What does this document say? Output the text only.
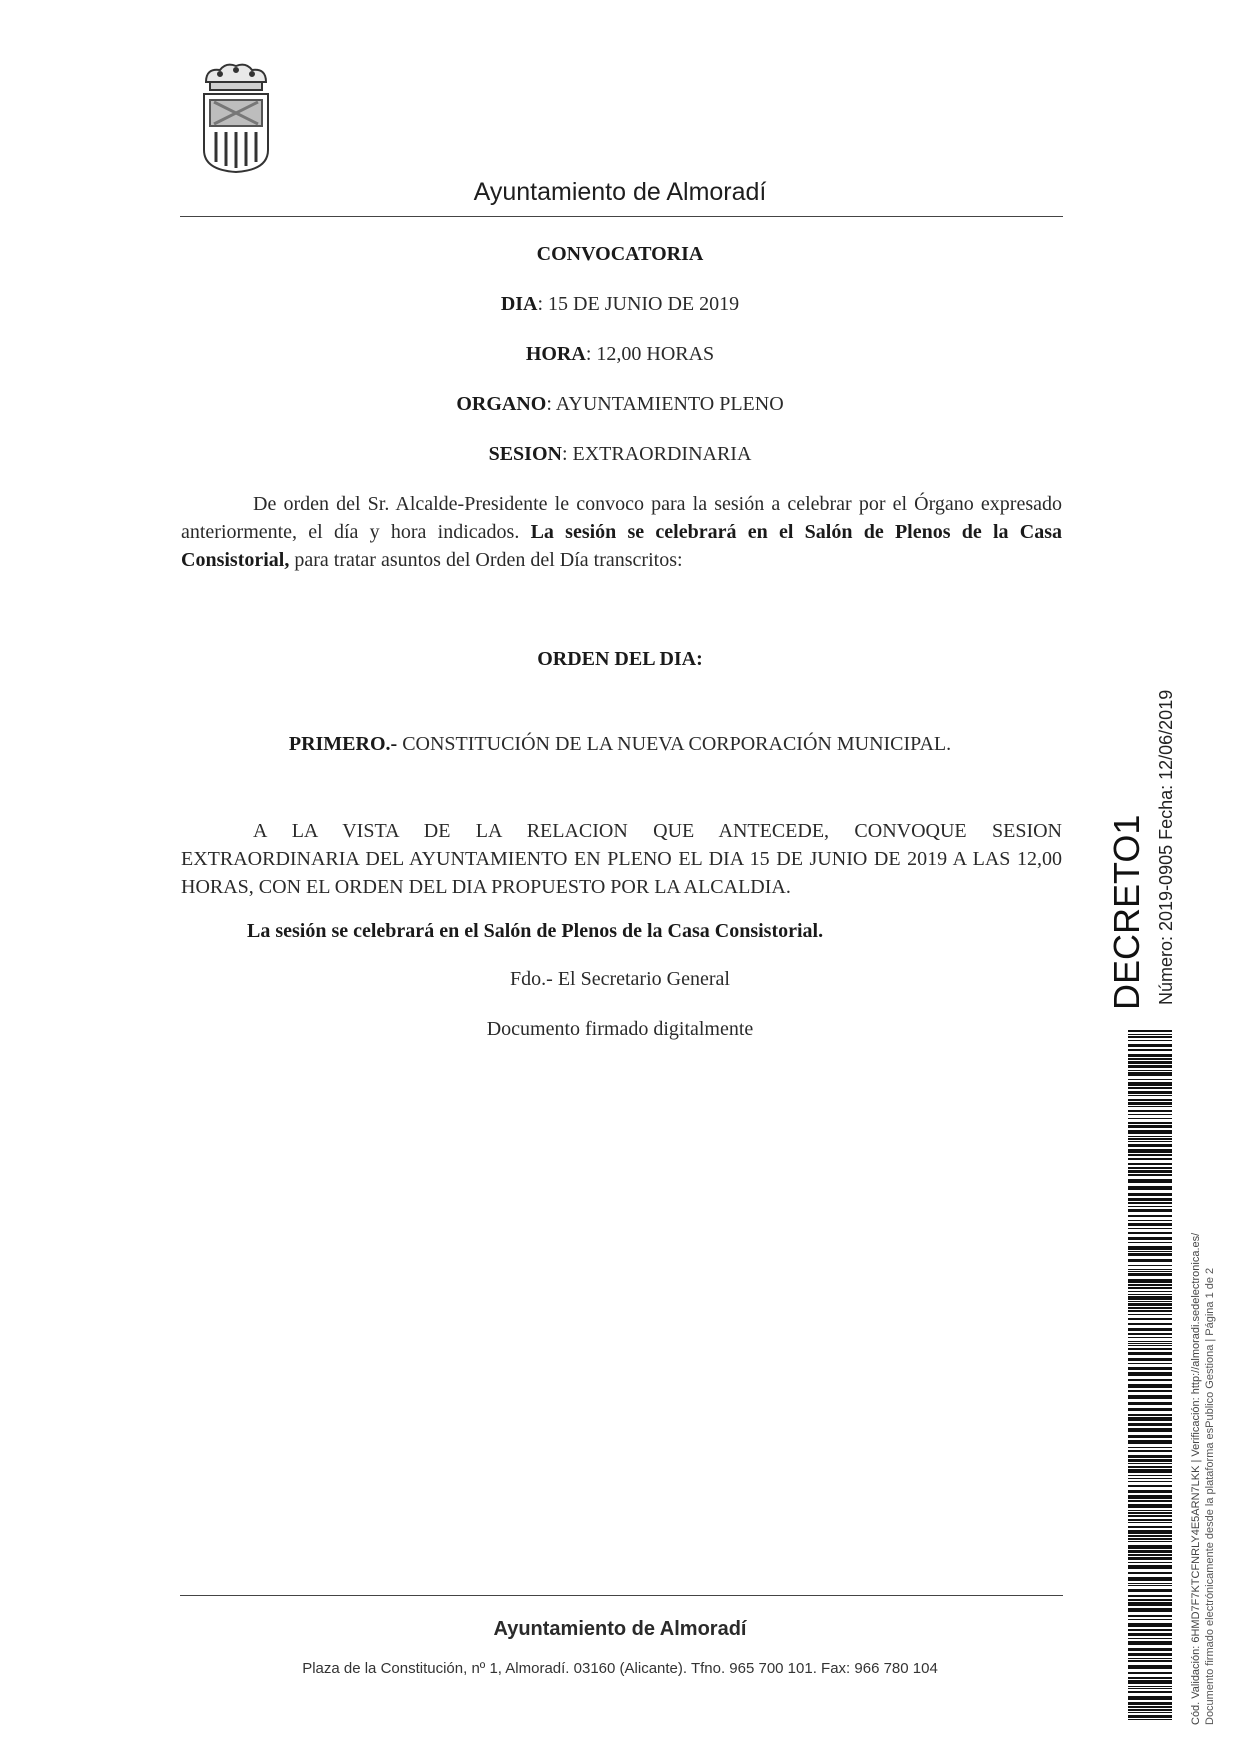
Ayuntamiento de Almoradí
CONVOCATORIA
DIA: 15 DE JUNIO DE 2019
HORA: 12,00 HORAS
ORGANO: AYUNTAMIENTO PLENO
SESION: EXTRAORDINARIA
De orden del Sr. Alcalde-Presidente le convoco para la sesión a celebrar por el Órgano expresado anteriormente, el día y hora indicados. La sesión se celebrará en el Salón de Plenos de la Casa Consistorial, para tratar asuntos del Orden del Día transcritos:
ORDEN DEL DIA:
PRIMERO.- CONSTITUCIÓN DE LA NUEVA CORPORACIÓN MUNICIPAL.
A LA VISTA DE LA RELACION QUE ANTECEDE, CONVOQUE SESION EXTRAORDINARIA DEL AYUNTAMIENTO EN PLENO EL DIA 15 DE JUNIO DE 2019 A LAS 12,00 HORAS, CON EL ORDEN DEL DIA PROPUESTO POR LA ALCALDIA.
La sesión se celebrará en el Salón de Plenos de la Casa Consistorial.
Fdo.- El Secretario General
Documento firmado digitalmente
Ayuntamiento de Almoradí
Plaza de la Constitución, nº 1, Almoradí. 03160 (Alicante). Tfno. 965 700 101. Fax: 966 780 104
DECRETO1 Número: 2019-0905 Fecha: 12/06/2019
Cód. Validación: 6HMD7F7KTCFNRLY4E5ARN7LKK | Verificación: http://almoradi.sedelectronica.es/ Documento firmado electrónicamente desde la plataforma esPublico Gestiona | Página 1 de 2
